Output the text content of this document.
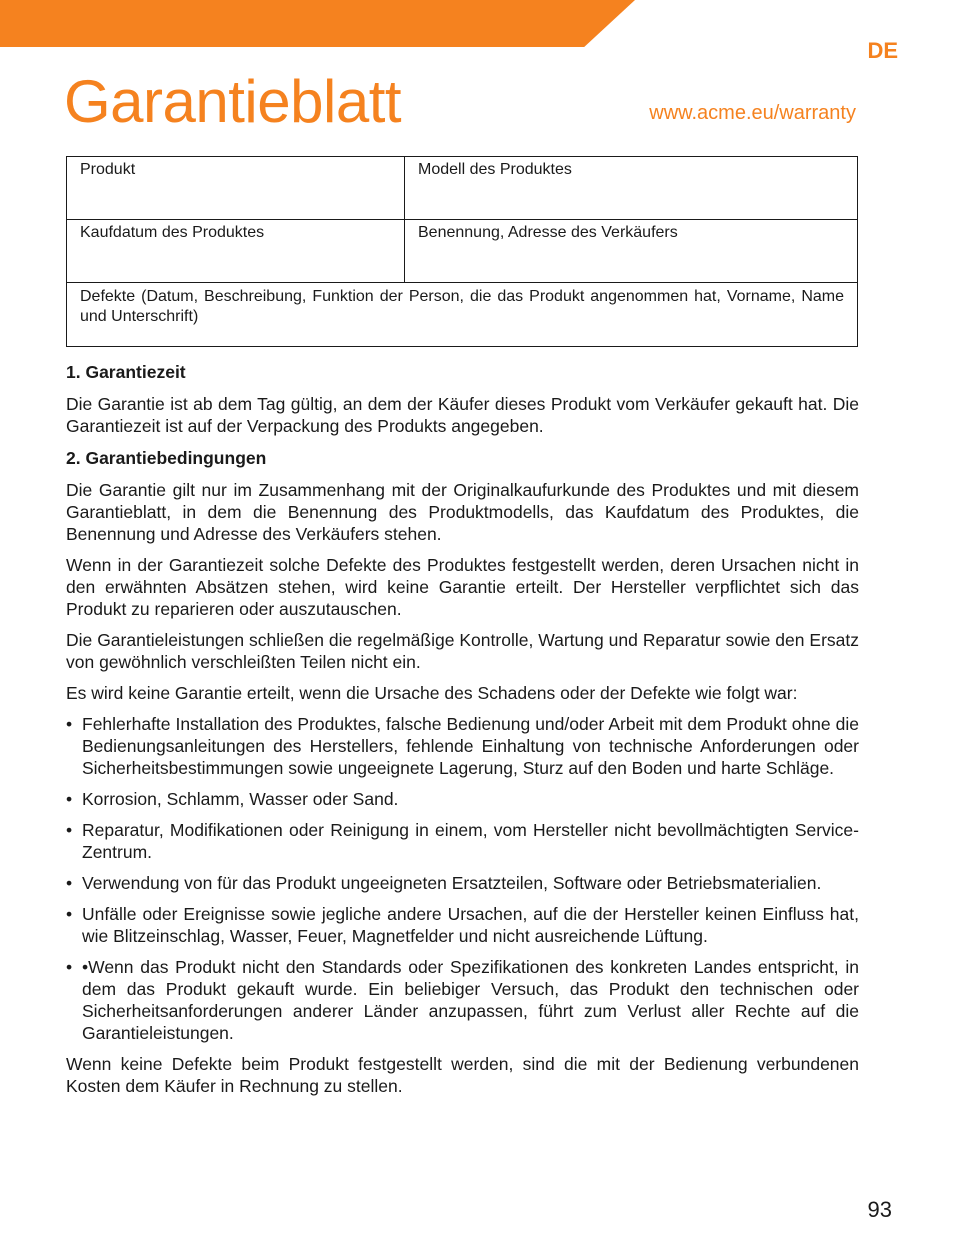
DE
Garantieblatt	www.acme.eu/warranty
Produkt	Modell des Produktes
Kaufdatum des Produktes	Benennung, Adresse des Verkäufers
Defekte (Datum, Beschreibung, Funktion der Person, die das Produkt angenommen hat, Vorname, Name und Unterschrift)	
1. Garantiezeit

Die Garantie ist ab dem Tag gültig, an dem der Käufer dieses Produkt vom Verkäufer gekauft hat. Die Garantiezeit ist auf der Verpackung des Produkts angegeben.

2. Garantiebedingungen

Die Garantie gilt nur im Zusammenhang mit der Originalkaufurkunde des Produktes und mit diesem Garantieblatt, in dem die Benennung des Produktmodells, das Kaufdatum des Produktes, die Benennung und Adresse des Verkäufers stehen.

Wenn in der Garantiezeit solche Defekte des Produktes festgestellt werden, deren Ursachen nicht in den erwähnten Absätzen stehen, wird keine Garantie erteilt. Der Hersteller verpflichtet sich das Produkt zu reparieren oder auszutauschen.

Die Garantieleistungen schließen die regelmäßige Kontrolle, Wartung und Reparatur sowie den Ersatz von gewöhnlich verschleißten Teilen nicht ein.

Es wird keine Garantie erteilt, wenn die Ursache des Schadens oder der Defekte wie folgt war:

• Fehlerhafte Installation des Produktes, falsche Bedienung und/oder Arbeit mit dem Produkt ohne die Bedienungsanleitungen des Herstellers, fehlende Einhaltung von technische Anforderungen oder Sicherheitsbestimmungen sowie ungeeignete Lagerung, Sturz auf den Boden und harte Schläge.
• Korrosion, Schlamm, Wasser oder Sand.
• Reparatur, Modifikationen oder Reinigung in einem, vom Hersteller nicht bevollmächtigten Service-Zentrum.
• Verwendung von für das Produkt ungeeigneten Ersatzteilen, Software oder Betriebsmaterialien.
• Unfälle oder Ereignisse sowie jegliche andere Ursachen, auf die der Hersteller keinen Einfluss hat, wie Blitzeinschlag, Wasser, Feuer, Magnetfelder und nicht ausreichende Lüftung.
• •Wenn das Produkt nicht den Standards oder Spezifikationen des konkreten Landes entspricht, in dem das Produkt gekauft wurde. Ein beliebiger Versuch, das Produkt den technischen oder Sicherheitsanforderungen anderer Länder anzupassen, führt zum Verlust aller Rechte auf die Garantieleistungen.

Wenn keine Defekte beim Produkt festgestellt werden, sind die mit der Bedienung verbundenen Kosten dem Käufer in Rechnung zu stellen.

93
